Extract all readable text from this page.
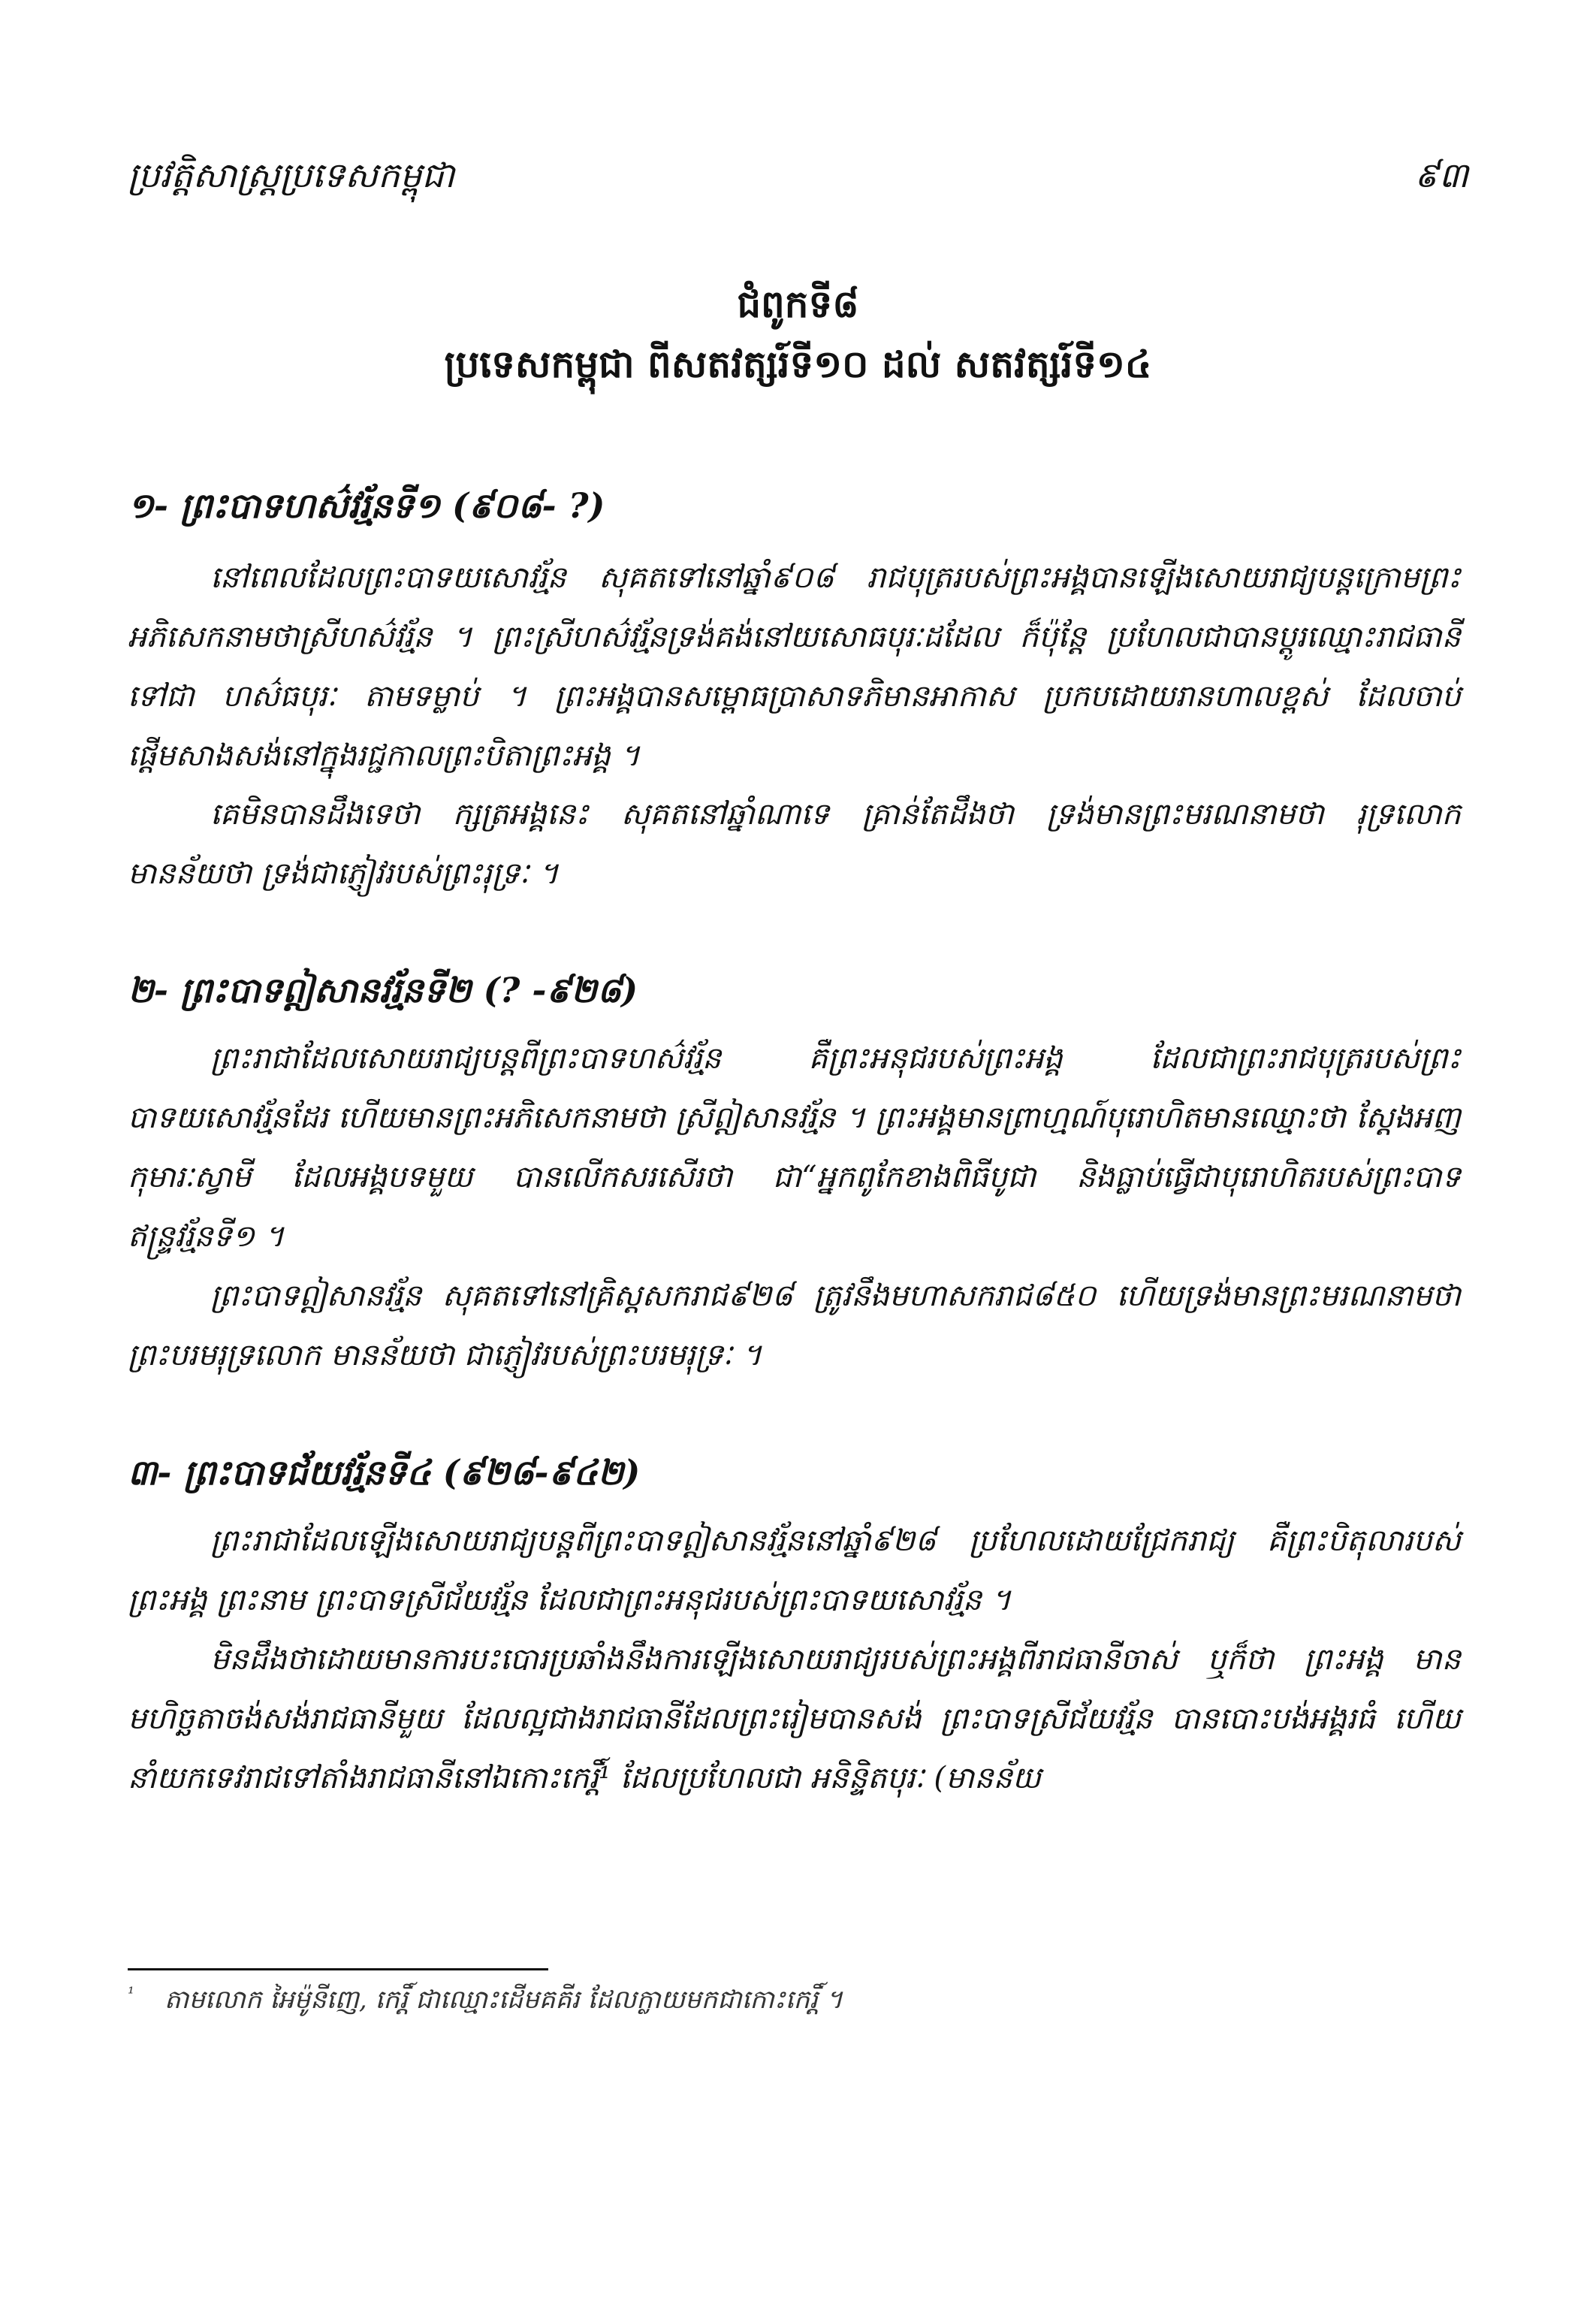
ប្រវត្តិសាស្ត្រប្រទេសកម្ពុជា	៩៣
ជំពូកទី៨
ប្រទេសកម្ពុជា ពីសតវត្សរ៍ទី១០ ដល់ សតវត្សរ៍ទី១៤
១- ព្រះបាទហស៌វរ្ម័នទី១ (៩០៨- ?)

នៅពេលដែលព្រះបាទយសោវរ្ម័ន សុគតទៅនៅឆ្នាំ៩០៨ រាជបុត្ររបស់ព្រះអង្គបានឡើងសោយរាជ្យបន្តក្រោមព្រះអភិសេកនាមថាស្រីហស៌វរ្ម័ន ។ ព្រះស្រីហស៌វរ្ម័នទ្រង់គង់នៅយសោធបុរៈដដែល ក៏ប៉ុន្តែ ប្រហែលជាបានប្តូរឈ្មោះរាជធានីទៅជា ហស៌ធបុរៈ តាមទម្លាប់ ។ ព្រះអង្គបានសម្ពោធប្រាសាទភិមានអាកាស ប្រកបដោយរានហាលខ្ពស់ ដែលចាប់ផ្តើមសាងសង់នៅក្នុងរជ្ជកាលព្រះបិតាព្រះអង្គ ។

គេមិនបានដឹងទេថា ក្សត្រអង្គនេះ សុគតនៅឆ្នាំណាទេ គ្រាន់តែដឹងថា ទ្រង់មានព្រះមរណនាមថា រុទ្រលោក មានន័យថា ទ្រង់ជាភ្ញៀវរបស់ព្រះរុទ្រៈ ។

២- ព្រះបាទឦសានវរ្ម័នទី២ (? -៩២៨)

ព្រះរាជាដែលសោយរាជ្យបន្តពីព្រះបាទហស៌វរ្ម័ន គឺព្រះអនុជរបស់ព្រះអង្គ ដែលជាព្រះរាជបុត្ររបស់ព្រះបាទយសោវរ្ម័នដែរ ហើយមានព្រះអភិសេកនាមថា ស្រីឦសានវរ្ម័ន ។ ព្រះអង្គមានព្រាហ្មណ៍បុរោហិតមានឈ្មោះថា ស្តែងអញកុមារៈស្វាមី ដែលអង្គបទមួយ បានលើកសរសើរថា ជា“អ្នកពូកែខាងពិធីបូជា និងធ្លាប់ធ្វើជាបុរោហិតរបស់ព្រះបាទឥន្ទ្រវរ្ម័នទី១ ។

ព្រះបាទឦសានវរ្ម័ន សុគតទៅនៅគ្រិស្តសករាជ៩២៨ ត្រូវនឹងមហាសករាជ៨៥០ ហើយទ្រង់មានព្រះមរណនាមថា ព្រះបរមរុទ្រលោក មានន័យថា ជាភ្ញៀវរបស់ព្រះបរមរុទ្រៈ ។

៣- ព្រះបាទជ័យវរ្ម័នទី៤ (៩២៨-៩៤២)

ព្រះរាជាដែលឡើងសោយរាជ្យបន្តពីព្រះបាទឦសានវរ្ម័ននៅឆ្នាំ៩២៨ ប្រហែលដោយជ្រែករាជ្យ គឺព្រះបិតុលារបស់ព្រះអង្គ ព្រះនាម ព្រះបាទស្រីជ័យវរ្ម័ន ដែលជាព្រះអនុជរបស់ព្រះបាទយសោវរ្ម័ន ។

មិនដឹងថាដោយមានការបះបោរប្រឆាំងនឹងការឡើងសោយរាជ្យរបស់ព្រះអង្គពីរាជធានីចាស់ ឬក៏ថា ព្រះអង្គ មានមហិច្ឆតាចង់សង់រាជធានីមួយ ដែលល្អជាងរាជធានីដែលព្រះរៀមបានសង់ ព្រះបាទស្រីជ័យវរ្ម័ន បានបោះបង់អង្គរធំ ហើយនាំយកទេវរាជទៅតាំងរាជធានីនៅឯកោះកេរ្តិ៍¹ ដែលប្រហែលជា អនិន្ទិតបុរៈ (មានន័យ

$^{^1}$ តាមលោក អៃម៉ូនីញេ, កេរ្តិ៍ ជាឈ្មោះដើមគគីរ ដែលក្លាយមកជាកោះកេរ្តិ៍ ។
